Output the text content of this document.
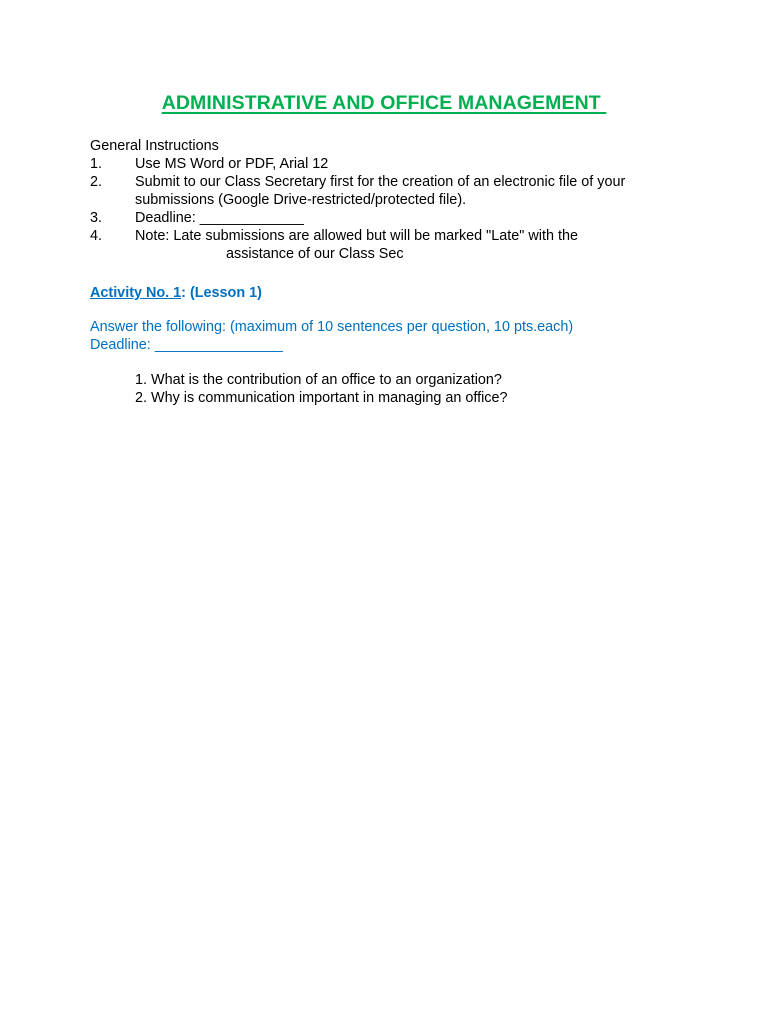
ADMINISTRATIVE AND OFFICE MANAGEMENT
General Instructions
1. Use MS Word or PDF, Arial 12
2. Submit to our Class Secretary first for the creation of an electronic file of your
submissions (Google Drive-restricted/protected file).
3. Deadline: _____________
4. Note: Late submissions are allowed but will be marked "Late" with the
assistance of our Class Sec
Activity No. 1: (Lesson 1)
Answer the following: (maximum of 10 sentences per question, 10 pts.each)
Deadline: ________________
1. What is the contribution of an office to an organization?
2. Why is communication important in managing an office?
